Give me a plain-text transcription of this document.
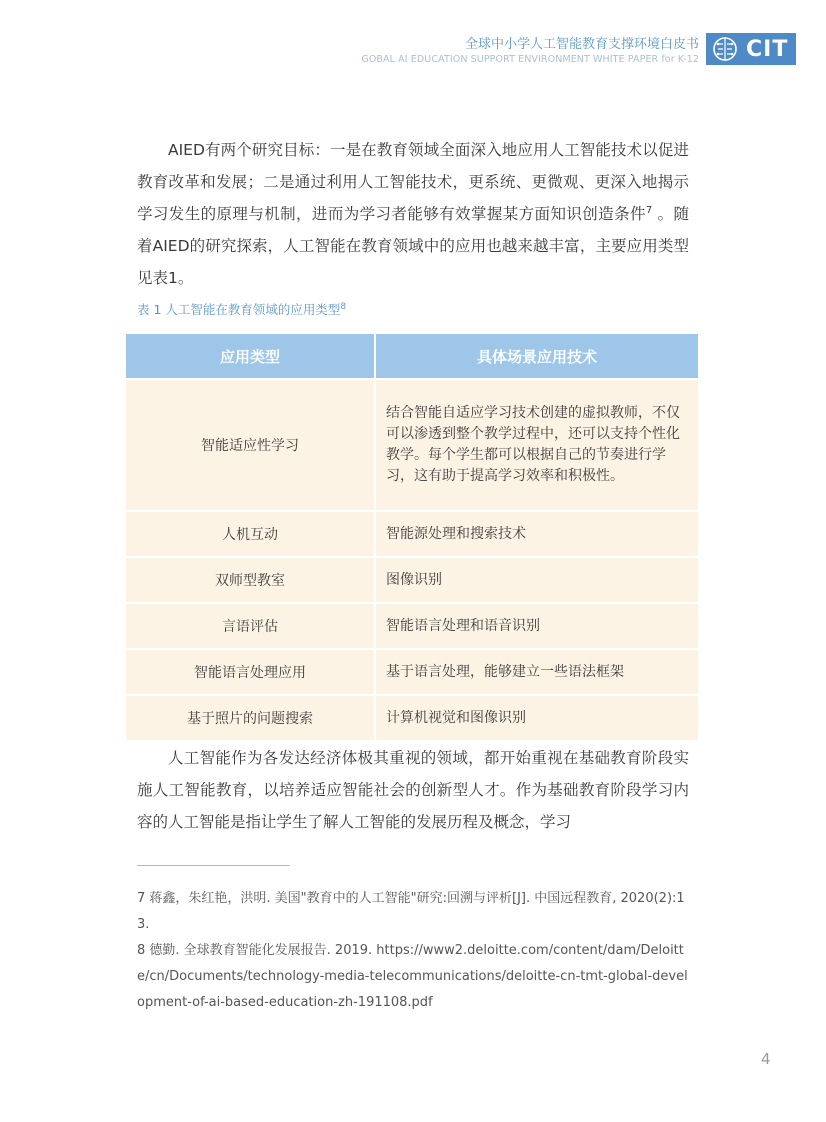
全球中小学人工智能教育支撑环境白皮书
GOBAL AI EDUCATION SUPPORT ENVIRONMENT WHITE PAPER for K-12 CIT

AIED有两个研究目标：一是在教育领域全面深入地应用人工智能技术以促进教育改革和发展；二是通过利用人工智能技术，更系统、更微观、更深入地揭示学习发生的原理与机制，进而为学习者能够有效掌握某方面知识创造条件$^7$ 。随着AIED的研究探索，人工智能在教育领域中的应用也越来越丰富，主要应用类型见表1。

表 1 人工智能在教育领域的应用类型$^8$
应用类型	具体场景应用技术
智能适应性学习	结合智能自适应学习技术创建的虚拟教师，不仅可以渗透到整个教学过程中，还可以支持个性化教学。每个学生都可以根据自己的节奏进行学习，这有助于提高学习效率和积极性。
人机互动	智能源处理和搜索技术
双师型教室	图像识别
言语评估	智能语言处理和语音识别
智能语言处理应用	基于语言处理，能够建立一些语法框架
基于照片的问题搜索	计算机视觉和图像识别

人工智能作为各发达经济体极其重视的领域，都开始重视在基础教育阶段实施人工智能教育，以培养适应智能社会的创新型人才。作为基础教育阶段学习内容的人工智能是指让学生了解人工智能的发展历程及概念，学习

7 蒋鑫，朱红艳，洪明. 美国"教育中的人工智能"研究:回溯与评析[J]. 中国远程教育, 2020(2):13.

8 德勤. 全球教育智能化发展报告. 2019. https://www2.deloitte.com/content/dam/Deloitte/cn/Documents/technology-media-telecommunications/deloitte-cn-tmt-global-development-of-ai-based-education-zh-191108.pdf

4
